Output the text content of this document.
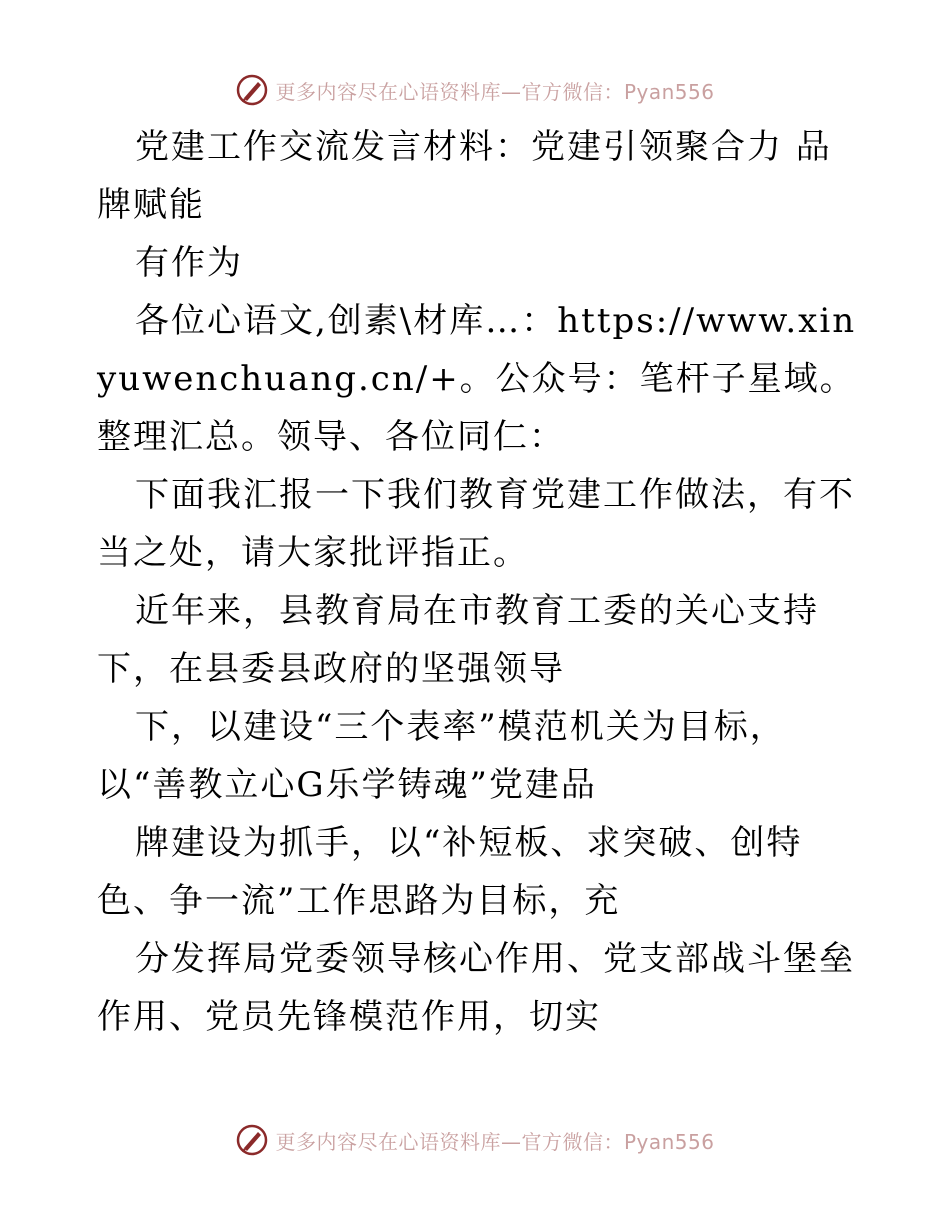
更多内容尽在心语资料库—官方微信：Pyan556

党建工作交流发言材料：党建引领聚合力 品牌赋能

有作为

各位心语文,创素\材库…：https://www.xinyuwenchuang.cn/+。公众号：笔杆子星域。整理汇总。领导、各位同仁：

下面我汇报一下我们教育党建工作做法，有不当之处，请大家批评指正。

近年来，县教育局在市教育工委的关心支持下，在县委县政府的坚强领导

下，以建设“三个表率”模范机关为目标，以“善教立心G乐学铸魂”党建品

牌建设为抓手，以“补短板、求突破、创特色、争一流”工作思路为目标，充

分发挥局党委领导核心作用、党支部战斗堡垒作用、党员先锋模范作用，切实

更多内容尽在心语资料库—官方微信：Pyan556
